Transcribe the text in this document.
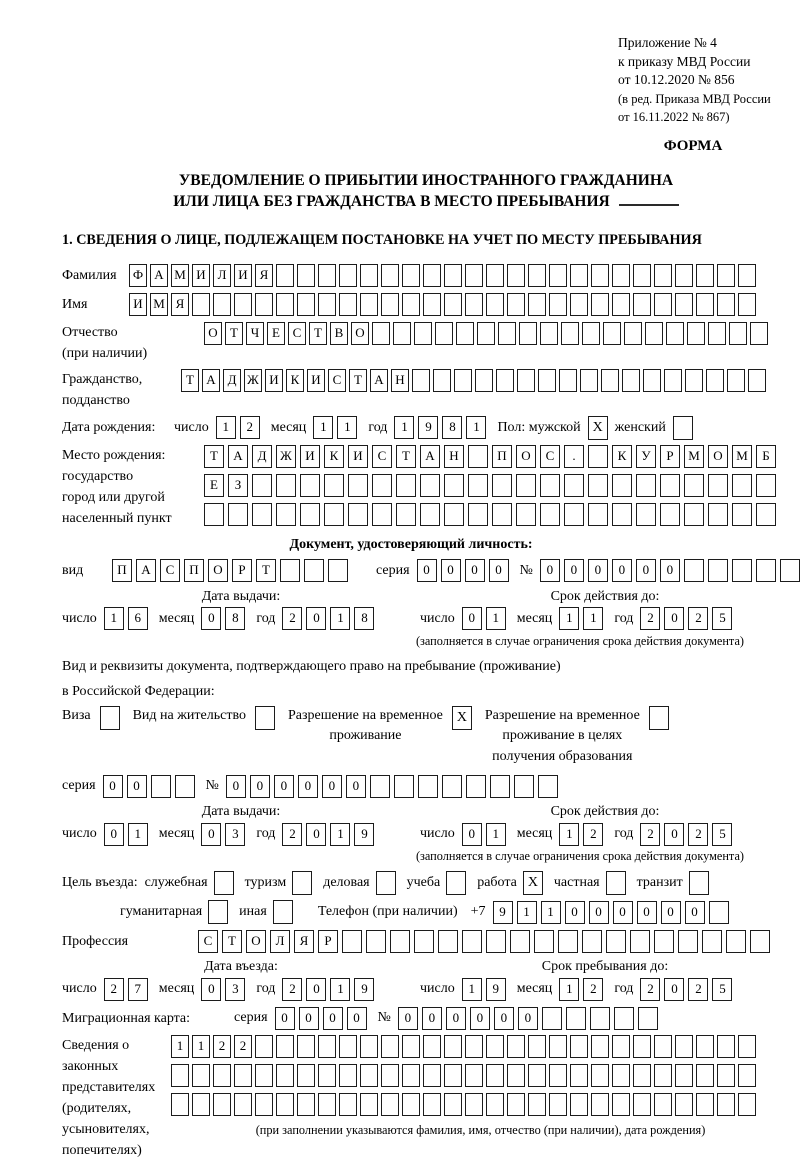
Приложение № 4
к приказу МВД России
от 10.12.2020 № 856
(в ред. Приказа МВД России
от 16.11.2022 № 867)
ФОРМА
УВЕДОМЛЕНИЕ О ПРИБЫТИИ ИНОСТРАННОГО ГРАЖДАНИНА
ИЛИ ЛИЦА БЕЗ ГРАЖДАНСТВА В МЕСТО ПРЕБЫВАНИЯ
1. СВЕДЕНИЯ О ЛИЦЕ, ПОДЛЕЖАЩЕМ ПОСТАНОВКЕ НА УЧЕТ ПО МЕСТУ ПРЕБЫВАНИЯ
Фамилия	Ф А М И Л И Я
Имя	И М Я
Отчество
(при наличии)
О Т Ч Е С Т В О
Гражданство,
подданство
Т А Д Ж И К И С Т А Н
Дата рождения:	число	1	2	месяц	1	1	год	1	9	8	1	Пол: мужской X женский
Место рождения:
государство
город или другой
населенный пункт
Т	А	Д	Ж	И	К	И	С	Т	А	Н	П	О	С	.	К	У	Р	М	О	М	Б
Е	З
Документ, удостоверяющий личность:
вид	П	А	С	П	О	Р	Т	серия	0	0	0	0	№	0	0	0	0	0	0
Дата выдачи:	Срок действия до:
число	1	6	месяц	0	8	год	2	0	1	8	число	0	1	месяц	1	1	год	2	0	2	5
(заполняется в случае ограничения срока действия документа)
Вид и реквизиты документа, подтверждающего право на пребывание (проживание)
в Российской Федерации:
Виза	Вид на жительство	Разрешение на временное
проживание
X	Разрешение на временное
проживание в целях
получения образования
серия	0	0	№	0	0	0	0	0	0
Дата выдачи:	Срок действия до:
число	0	1	месяц	0	3	год	2	0	1	9	число	0	1	месяц	1	2	год	2	0	2	5
(заполняется в случае ограничения срока действия документа)
Цель въезда: служебная	туризм	деловая	учеба	работа X	частная	транзит
гуманитарная	иная	Телефон (при наличии) +7	9	1	1	0	0	0	0	0	0
Профессия	С	Т	О	Л	Я	Р
Дата въезда:	Срок пребывания до:
число	2	7	месяц	0	3	год	2	0	1	9	число	1	9	месяц	1	2	год	2	0	2	5
Миграционная карта:	серия	0	0	0	0	№	0	0	0	0	0	0
Сведения о
законных
представителях
(родителях,
усыновителях,
попечителях)
1	1	2	2
(при заполнении указываются фамилия, имя, отчество (при наличии), дата рождения)
